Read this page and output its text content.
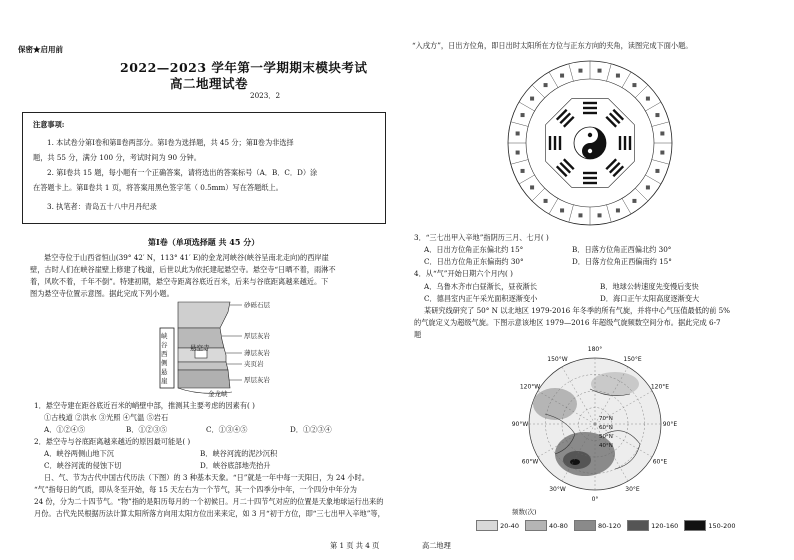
保密★启用前
2022—2023 学年第一学期期末模块考试
高二地理试卷
2023．2
注意事项:
1. 本试卷分第Ⅰ卷和第Ⅱ卷两部分。第Ⅰ卷为选择题，共 45 分；第Ⅱ卷为非选择
题，共 55 分，满分 100 分，考试时间为 90 分钟。
2. 第Ⅰ卷共 15 题，每小题有一个正确答案，请将选出的答案标号（A．B．C．D）涂
在答题卡上。第Ⅱ卷共 1 页，将答案用黑色签字笔（ 0.5mm）写在答题纸上。
3. 执笔者：青岛五十八中月丹纪录
第Ⅰ卷（单项选择题 共 45 分）
悬空寺位于山西省恒山(39° 42′ N，113° 41′ E)的金龙河峡谷(峡谷呈南北走向)的西岸崖
壁，古时人们在峡谷崖壁上修建了栈道，后世以此为依托建起悬空寺。悬空寺“日晒不着，雨淋不
着，风吹不着，千年不倒”。特建初期，悬空寺距离谷底近百米，后来与谷底距离越来越近。下
图为悬空寺位置示意图。据此完成下列小题。
峡谷西侧悬崖
砂砾石层
厚层灰岩
薄层灰岩
夹页岩
厚层灰岩
金龙峡
悬空寺
1．悬空寺建在距谷底近百米的峭壁中部，推测其主要考虑的因素有( )
①古栈道 ②洪水 ③光照 ④气温 ⑤岩石
A．①②④⑤	B．①②③⑤	C．①③④⑤	D．①②③④
2．悬空寺与谷底距离越来越近的原因最可能是( )
A．峡谷两侧山地下沉	B．峡谷河流的泥沙沉积
C．峡谷河流的侵蚀下切	D．峡谷底部地壳抬升
日、气、节为古代中国古代历法（下图）的 3 种基本天象。“日”就是一年中每一天阳日，为 24 小时。
“气”指每日的气质，即从冬至开始，每 15 天左右为一个节气，其一个四季分中年，一个四分中年分为
24 份，分为二十四节气。“物”指的是阳历每月的一个初候日。月二十四节气对应的位置是天象地球运行出来的
月份。古代先民根据历法计算太阳所落方向用太阳方位出来来定，如 3 月“初于方位，即“三七出甲入辛地”等，
第 1 页 共 4 页
“入戌方”，日出方位角，即日出时太阳所在方位与正东方向的夹角，读图完成下面小题。
3．“三七出甲入辛地”指阴历三月、七月( )
A．日出方位角正东偏北约 15°	B．日落方位角正西偏北约 30°
C．日出方位角正东偏南约 30°	D．日落方位角正西偏南约 15°
4．从“气”开始日期六个月内( )
A．乌鲁木齐市白昼渐长，昼夜渐长	B．地球公转速度先变慢后变快
C．德昌室内正午采光面积逐渐变小	D．海口正午太阳高度逐渐变大
某研究线研究了 50° N 以北地区 1979-2016 年冬季的所有气旋，并将中心气压值最低的前 5%
的气旋定义为超级气旋。下图示意该地区 1979—2016 年超级气旋频数空间分布。据此完成 6-7
题
180°
150°W	150°E
120°W	120°E
90°W	90°E
60°W	60°E
30°W	30°E
0°
70°N
60°N
50°N
40°N
频数(次)
20-40	40-80	80-120	120-160	150-200
高二地理
